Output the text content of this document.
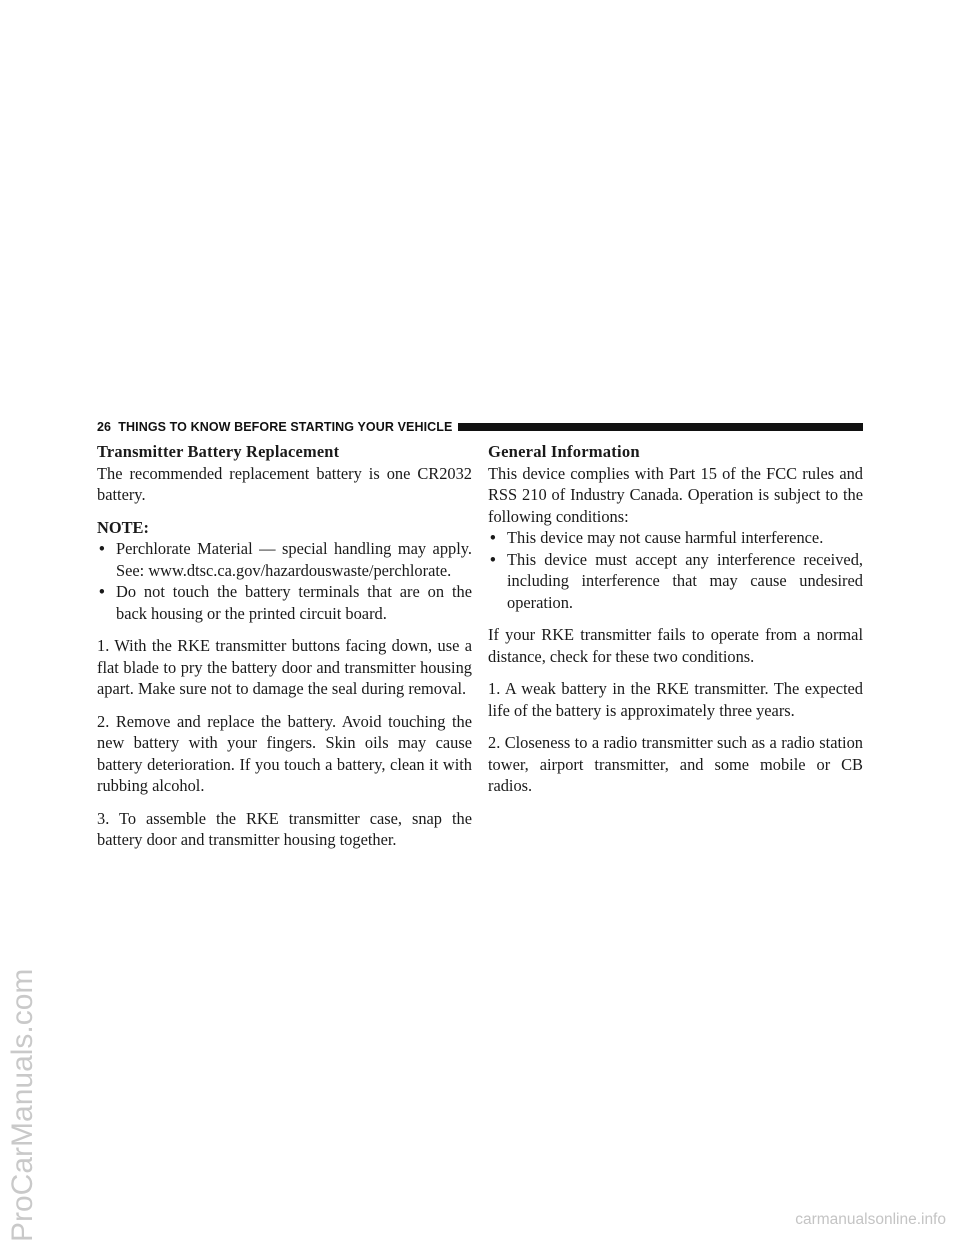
ProCarManuals.com
26
THINGS TO KNOW BEFORE STARTING YOUR VEHICLE

Transmitter Battery Replacement

The recommended replacement battery is one CR2032 battery.

NOTE:

• Perchlorate Material — special handling may apply. See: www.dtsc.ca.gov/hazardouswaste/perchlorate.
• Do not touch the battery terminals that are on the back housing or the printed circuit board.

1. With the RKE transmitter buttons facing down, use a flat blade to pry the battery door and transmitter housing apart. Make sure not to damage the seal during removal.

2. Remove and replace the battery. Avoid touching the new battery with your fingers. Skin oils may cause battery deterioration. If you touch a battery, clean it with rubbing alcohol.

3. To assemble the RKE transmitter case, snap the battery door and transmitter housing together.

General Information

This device complies with Part 15 of the FCC rules and RSS 210 of Industry Canada. Operation is subject to the following conditions:

• This device may not cause harmful interference.
• This device must accept any interference received, including interference that may cause undesired operation.

If your RKE transmitter fails to operate from a normal distance, check for these two conditions.

1. A weak battery in the RKE transmitter. The expected life of the battery is approximately three years.

2. Closeness to a radio transmitter such as a radio station tower, airport transmitter, and some mobile or CB radios.

carmanualsonline.info
